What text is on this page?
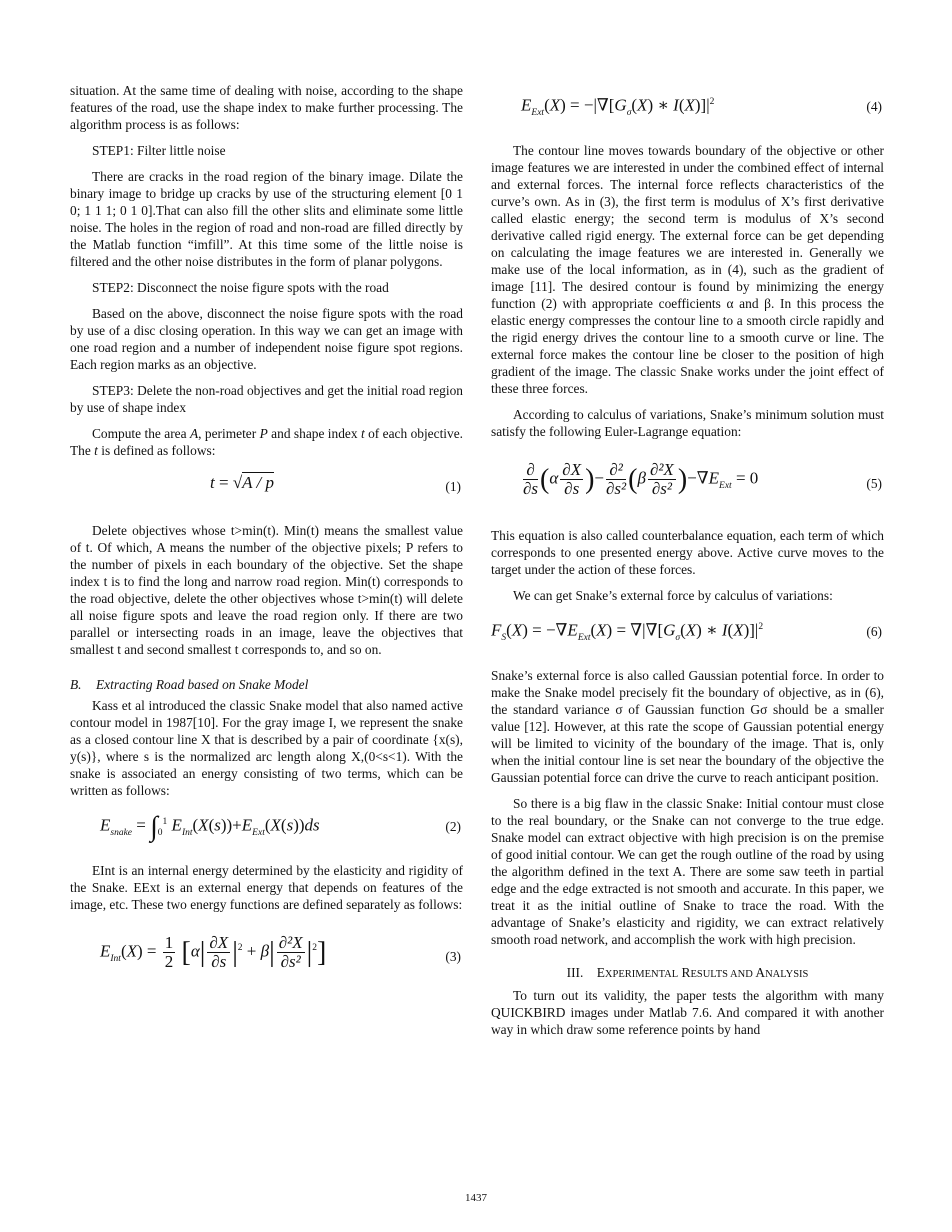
situation. At the same time of dealing with noise, according to the shape features of the road, use the shape index to make further processing. The algorithm process is as follows:

STEP1: Filter little noise

There are cracks in the road region of the binary image. Dilate the binary image to bridge up cracks by use of the structuring element [0 1 0; 1 1 1; 0 1 0].That can also fill the other slits and eliminate some little noise. The holes in the region of road and non-road are filled directly by the Matlab function “imfill”. At this time some of the little noise is filtered and the other noise distributes in the form of planar polygons.

STEP2: Disconnect the noise figure spots with the road

Based on the above, disconnect the noise figure spots with the road by use of a disc closing operation. In this way we can get an image with one road region and a number of independent noise figure spot regions. Each region marks as an objective.

STEP3: Delete the non-road objectives and get the initial road region by use of shape index

Compute the area A, perimeter P and shape index t of each objective. The t is defined as follows:

t = √A / p	(1)

Delete objectives whose t>min(t). Min(t) means the smallest value of t. Of which, A means the number of the objective pixels; P refers to the number of pixels in each boundary of the objective. Set the shape index t is to find the long and narrow road region. Min(t) corresponds to the road objective, delete the other objectives whose t>min(t) will delete all noise figure spots and leave the road region only. If there are two parallel or intersecting roads in an image, leave the objectives that smallest t and second smallest t corresponds to, and so on.

B. Extracting Road based on Snake Model

Kass et al introduced the classic Snake model that also named active contour model in 1987[10]. For the gray image I, we represent the snake as a closed contour line X that is described by a pair of coordinate {x(s), y(s)}, where s is the normalized arc length along X,(0<s<1). With the snake is associated an energy consisting of two terms, which can be written as follows:

$E_{snake} = \int_0^1$ $E_{Int}(X(s))+E_{Ext}(X(s))ds$	(2)

EInt is an internal energy determined by the elasticity and rigidity of the Snake. EExt is an external energy that depends on features of the image, etc. These two energy functions are defined separately as follows:

$E_{Int}(X) = \frac{1}{2} [\alpha| \frac{\partial X}{\partial s} |^2 + \beta| \frac{\text{∂²X}}{\text{∂s²}} |^2]$	(3)
$E_{Ext}(X) = -|\nabla[G_\sigma(X)$ ∗ $I(X)]|^2$	(4)

The contour line moves towards boundary of the objective or other image features we are interested in under the combined effect of internal and external forces. The internal force reflects characteristics of the curve’s own. As in (3), the first term is modulus of X’s first derivative called elastic energy; the second term is modulus of X’s second derivative called rigid energy. The external force can be get depending on calculating the image features we are interested in. Generally we make use of the local information, as in (4), such as the gradient of image [11]. The desired contour is found by minimizing the energy function (2) with appropriate coefficients α and β. In this process the elastic energy compresses the contour line to a smooth circle rapidly and the rigid energy drives the contour line to a smooth curve or line. The external force makes the contour line be closer to the position of high gradient of the image. The classic Snake works under the joint effect of these three forces.

According to calculus of variations, Snake’s minimum solution must satisfy the following Euler-Lagrange equation:

$\frac{\partial}{\partial s} (\alpha \frac{\partial X}{\partial s}$ )− $\frac{\text{∂²}}{\text{∂s²}} (\beta \frac{\text{∂²X}}{\text{∂s²}} )-\nabla E_{Ext} = 0$	(5)

This equation is also called counterbalance equation, each term of which corresponds to one presented energy above. Active curve moves to the target under the action of these forces.

We can get Snake’s external force by calculus of variations:

$F_S(X) = -\nabla E_{Ext}(X) = \nabla|\nabla[G_\sigma(X)$ ∗ $I(X)]|^2$	(6)

Snake’s external force is also called Gaussian potential force. In order to make the Snake model precisely fit the boundary of objective, as in (6), the standard variance σ of Gaussian function Gσ should be a smaller value [12]. However, at this rate the scope of Gaussian potential energy will be limited to vicinity of the boundary of the image. That is, only when the initial contour line is set near the boundary of the objective the Gaussian potential force can drive the curve to reach anticipant position.

So there is a big flaw in the classic Snake: Initial contour must close to the real boundary, or the Snake can not converge to the true edge. Snake model can extract objective with high precision is on the premise of good initial contour. We can get the rough outline of the road by using the algorithm defined in the text A. There are some saw teeth in partial edge and the edge extracted is not smooth and accurate. In this paper, we treat it as the initial outline of Snake to trace the road. With the advantage of Snake’s elasticity and rigidity, we can extract relatively smooth road network, and accomplish the work with high precision.

III. EXPERIMENTAL RESULTS AND ANALYSIS

To turn out its validity, the paper tests the algorithm with many QUICKBIRD images under Matlab 7.6. And compared it with another way in which draw some reference points by hand

1437
